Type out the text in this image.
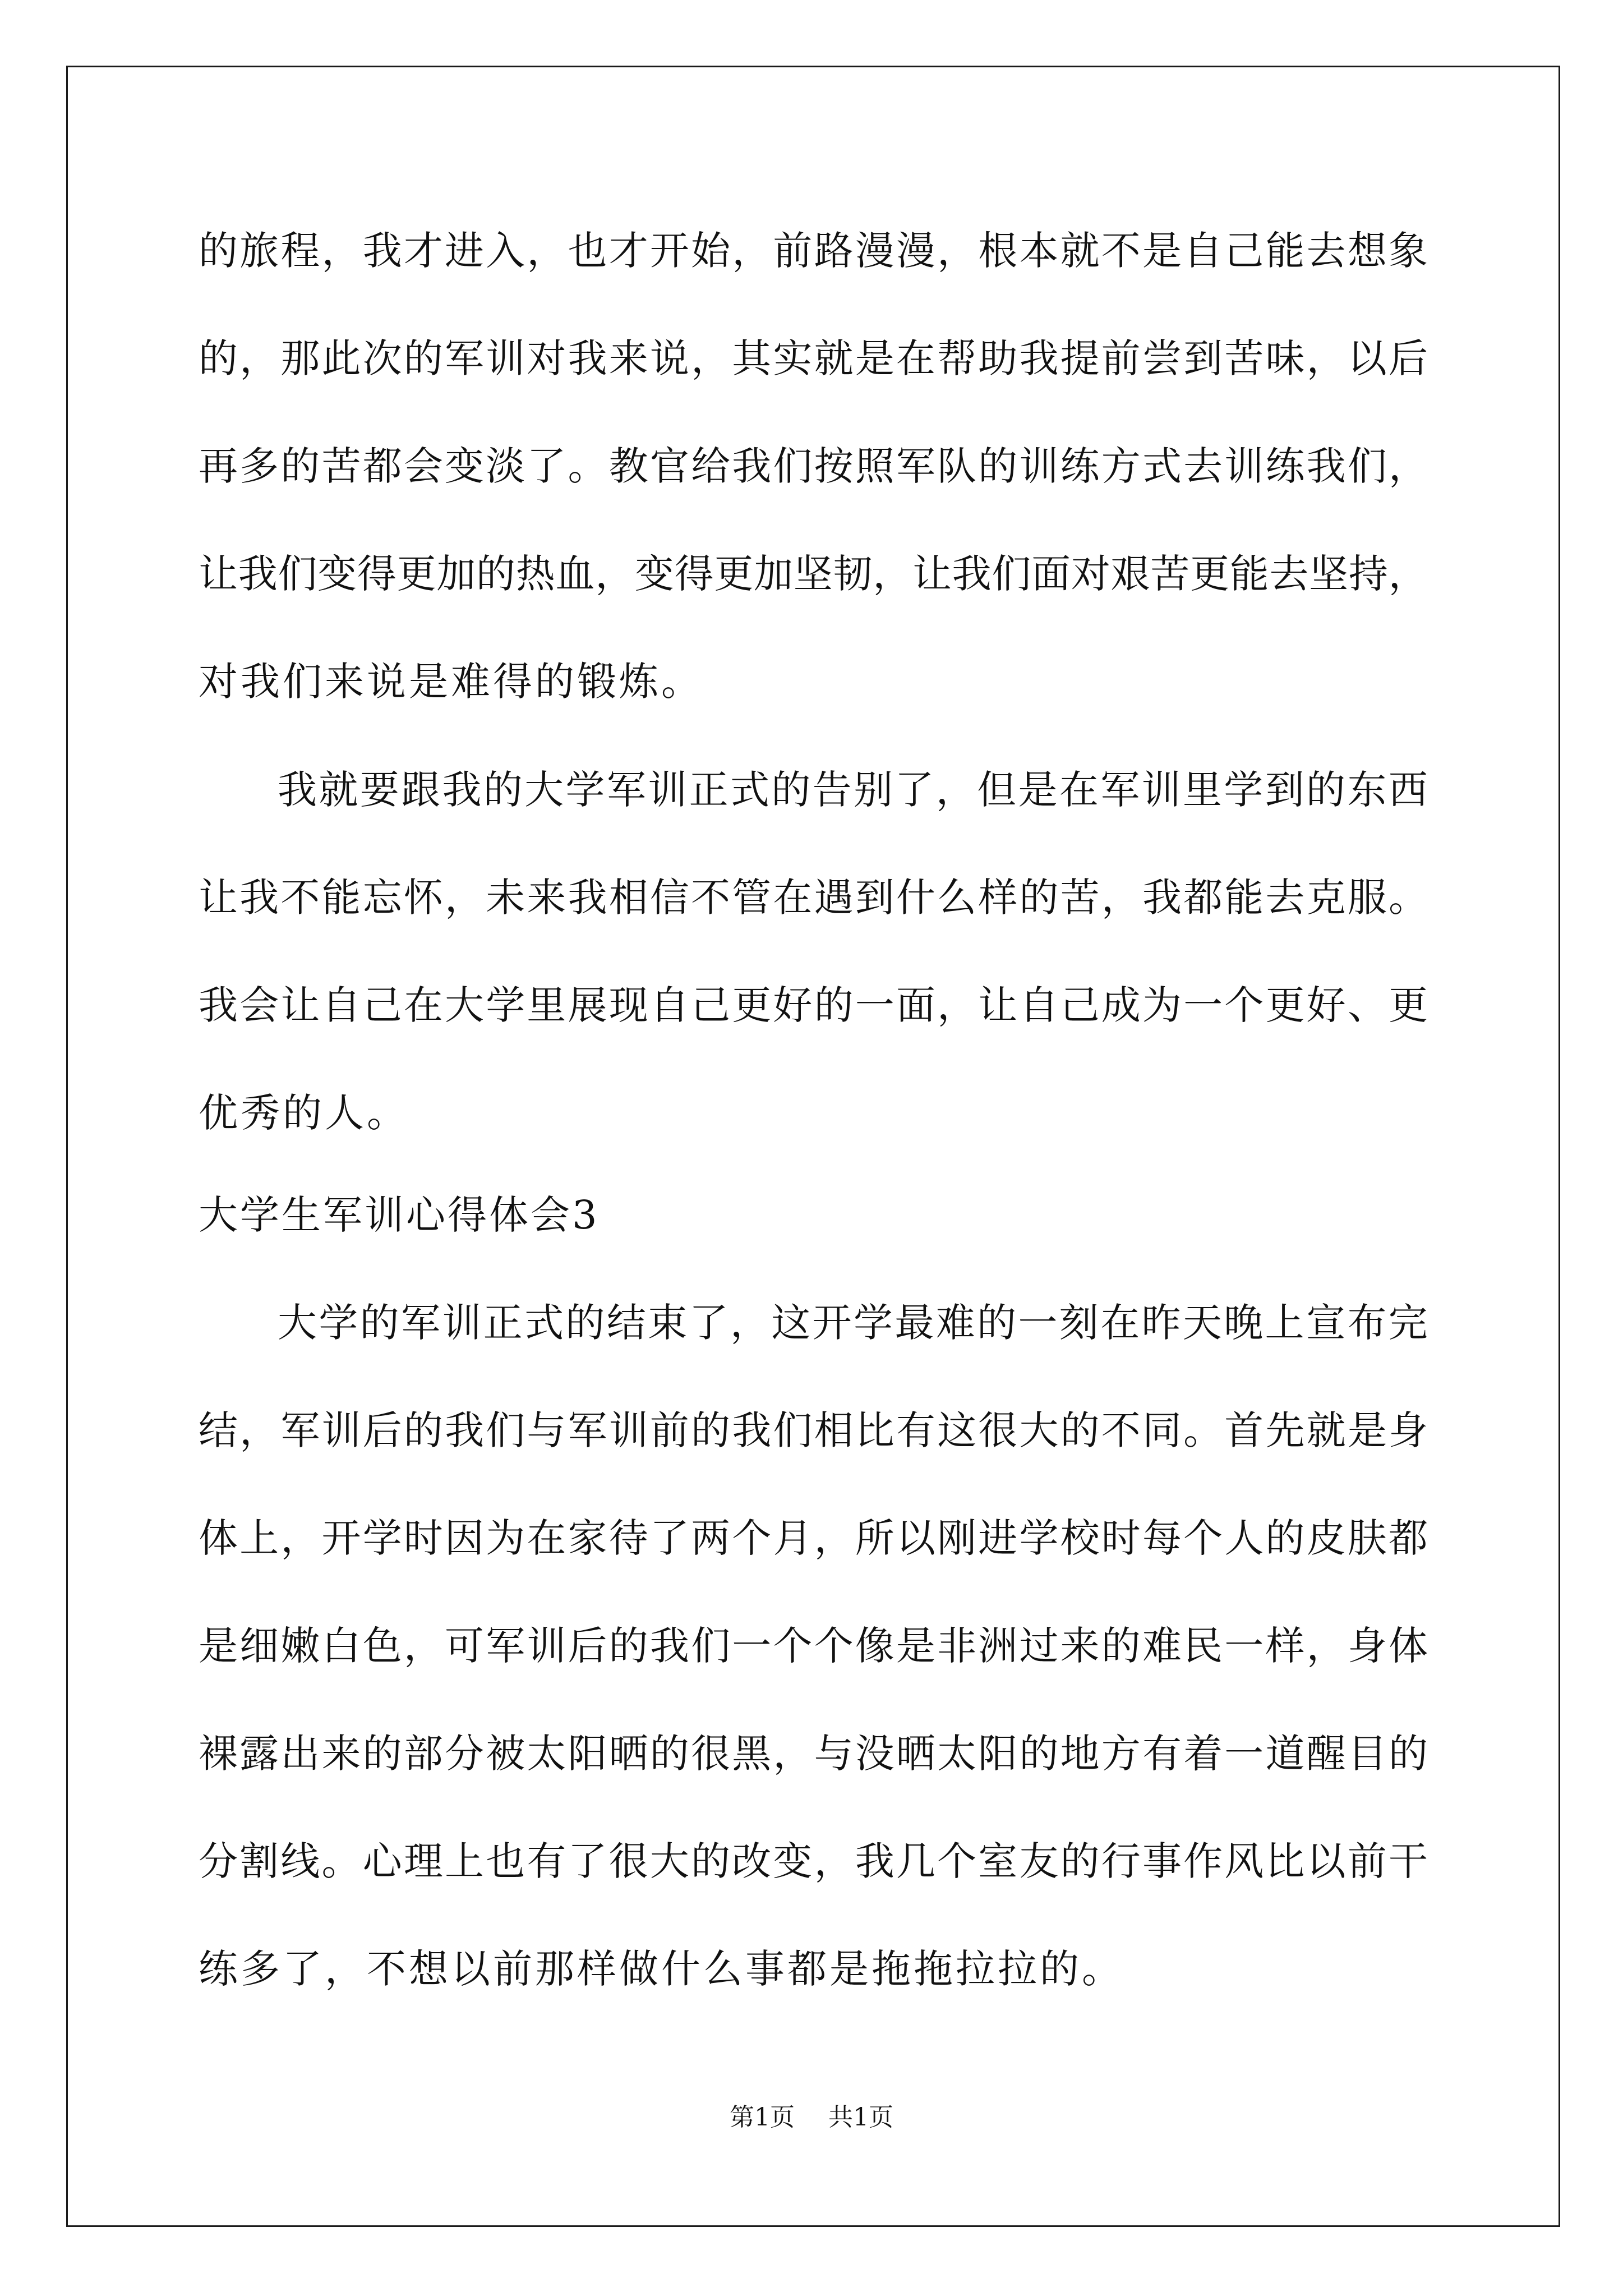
的 旅 程 ， 我 才 进 入 ， 也 才 开 始 ， 前 路 漫 漫 ， 根 本 就 不 是 自 己 能 去 想 象
的 ， 那 此 次 的 军 训 对 我 来 说 ， 其 实 就 是 在 帮 助 我 提 前 尝 到 苦 味 ， 以 后
再 多 的 苦 都 会 变 淡 了 。 教 官 给 我 们 按 照 军 队 的 训 练 方 式 去 训 练 我 们 ，
让 我 们 变 得 更 加 的 热 血 ， 变 得 更 加 坚 韧 ， 让 我 们 面 对 艰 苦 更 能 去 坚 持 ，
对我们来说是难得的锻炼。
我 就 要 跟 我 的 大 学 军 训 正 式 的 告 别 了 ， 但 是 在 军 训 里 学 到 的 东 西
让 我 不 能 忘 怀 ， 未 来 我 相 信 不 管 在 遇 到 什 么 样 的 苦 ， 我 都 能 去 克 服 。
我 会 让 自 己 在 大 学 里 展 现 自 己 更 好 的 一 面 ， 让 自 己 成 为 一 个 更 好 、 更
优秀的人。
大学生军训心得体会3
大 学 的 军 训 正 式 的 结 束 了 ， 这 开 学 最 难 的 一 刻 在 昨 天 晚 上 宣 布 完
结 ， 军 训 后 的 我 们 与 军 训 前 的 我 们 相 比 有 这 很 大 的 不 同 。 首 先 就 是 身
体 上 ， 开 学 时 因 为 在 家 待 了 两 个 月 ， 所 以 刚 进 学 校 时 每 个 人 的 皮 肤 都
是 细 嫩 白 色 ， 可 军 训 后 的 我 们 一 个 个 像 是 非 洲 过 来 的 难 民 一 样 ， 身 体
裸 露 出 来 的 部 分 被 太 阳 晒 的 很 黑 ， 与 没 晒 太 阳 的 地 方 有 着 一 道 醒 目 的
分 割 线 。 心 理 上 也 有 了 很 大 的 改 变 ， 我 几 个 室 友 的 行 事 作 风 比 以 前 干
练多了，不想以前那样做什么事都是拖拖拉拉的。
第1页 共1页
